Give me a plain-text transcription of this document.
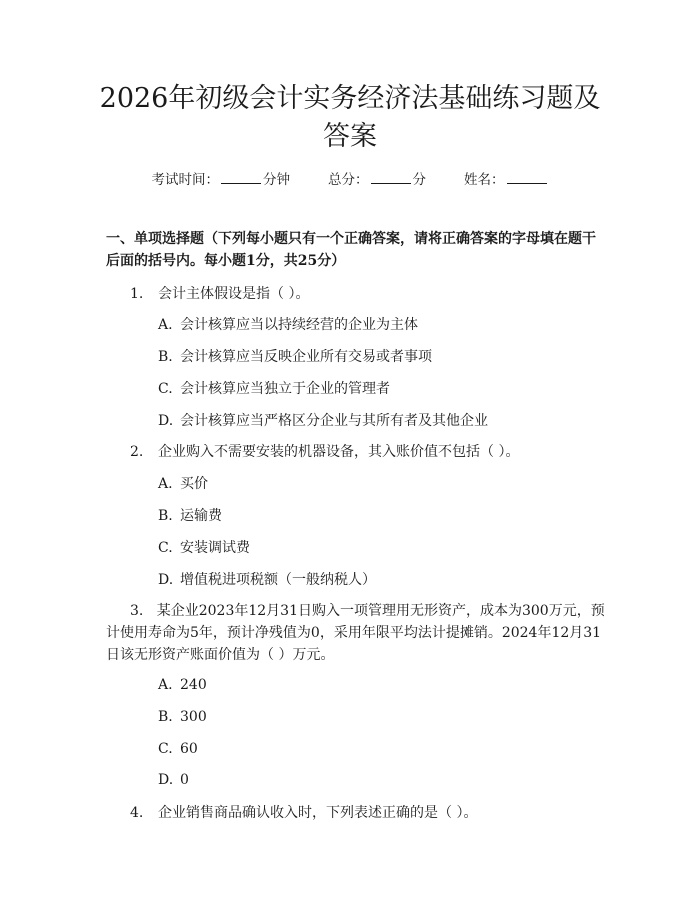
2026年初级会计实务经济法基础练习题及答案
考试时间：	分钟	总分：	分	姓名：

一、单项选择题（下列每小题只有一个正确答案，请将正确答案的字母填在题干后面的括号内。每小题1分，共25分）

1. 会计主体假设是指（ ）。
A. 会计核算应当以持续经营的企业为主体
B. 会计核算应当反映企业所有交易或者事项
C. 会计核算应当独立于企业的管理者
D. 会计核算应当严格区分企业与其所有者及其他企业
2. 企业购入不需要安装的机器设备，其入账价值不包括（ ）。
A. 买价
B. 运输费
C. 安装调试费
D. 增值税进项税额（一般纳税人）
3. 某企业2023年12月31日购入一项管理用无形资产，成本为300万元，预计使用寿命为5年，预计净残值为0，采用年限平均法计提摊销。2024年12月31日该无形资产账面价值为（ ）万元。
A. 240
B. 300
C. 60
D. 0
4. 企业销售商品确认收入时，下列表述正确的是（ ）。
